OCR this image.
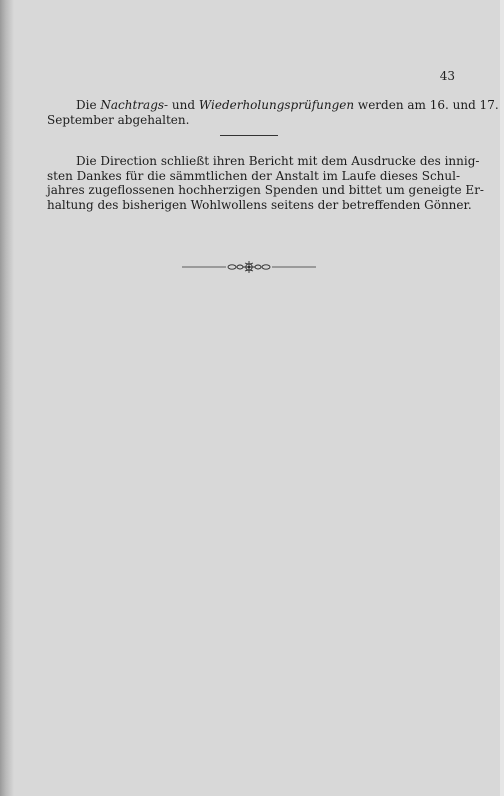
43
Die Nachtrags- und Wiederholungsprüfungen werden am 16. und 17.
September abgehalten.
Die Direction schließt ihren Bericht mit dem Ausdrucke des innig-
sten Dankes für die sämmtlichen der Anstalt im Laufe dieses Schul-
jahres zugeflossenen hochherzigen Spenden und bittet um geneigte Er-
haltung des bisherigen Wohlwollens seitens der betreffenden Gönner.
